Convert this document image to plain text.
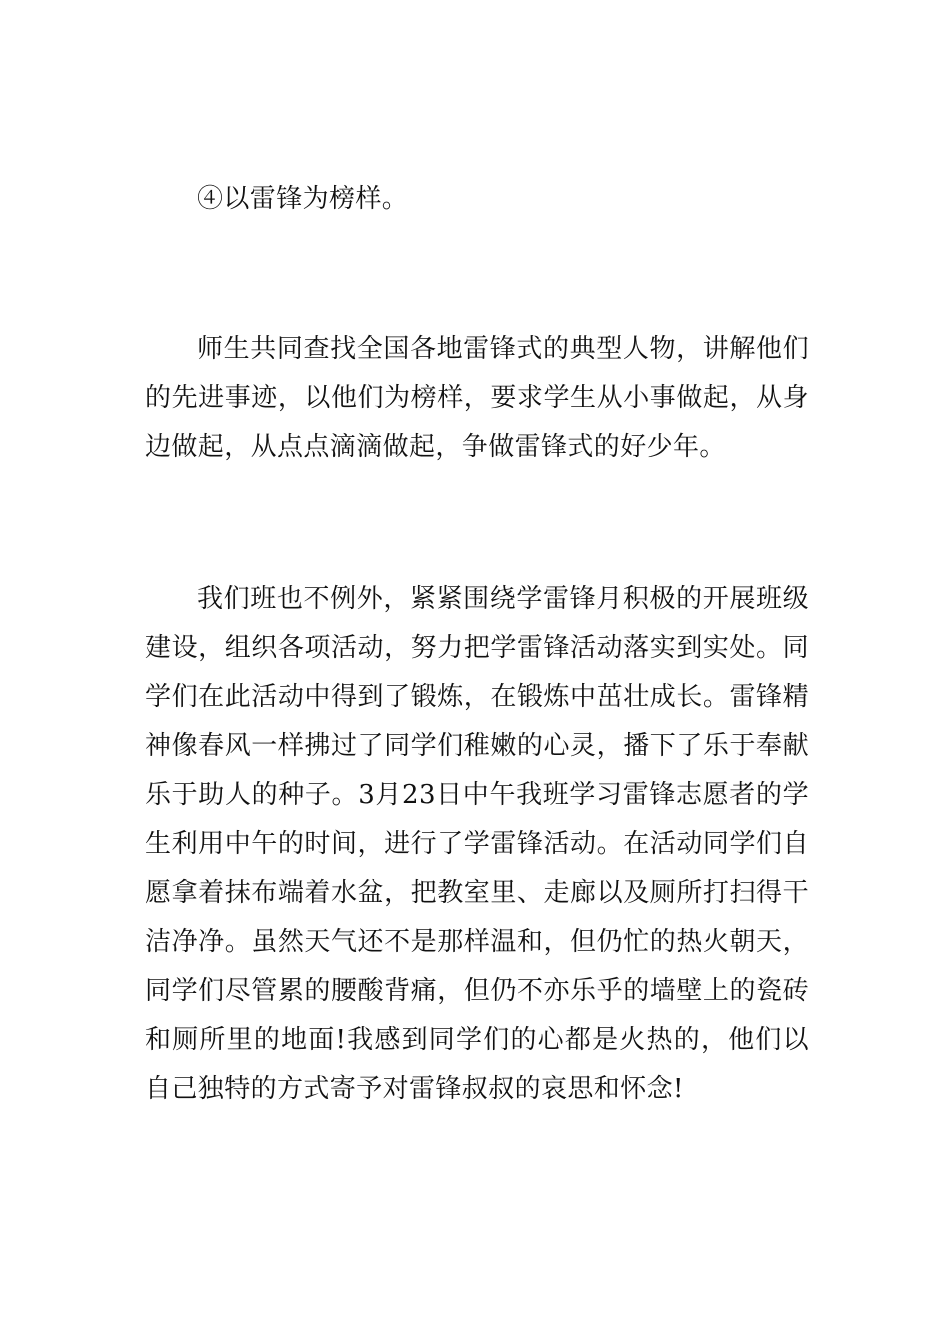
④以雷锋为榜样。

师生共同查找全国各地雷锋式的典型人物，讲解他们的先进事迹，以他们为榜样，要求学生从小事做起，从身边做起，从点点滴滴做起，争做雷锋式的好少年。

我们班也不例外，紧紧围绕学雷锋月积极的开展班级建设，组织各项活动，努力把学雷锋活动落实到实处。同学们在此活动中得到了锻炼，在锻炼中茁壮成长。雷锋精神像春风一样拂过了同学们稚嫩的心灵，播下了乐于奉献乐于助人的种子。3月23日中午我班学习雷锋志愿者的学生利用中午的时间，进行了学雷锋活动。在活动同学们自愿拿着抹布端着水盆，把教室里、走廊以及厕所打扫得干洁净净。虽然天气还不是那样温和，但仍忙的热火朝天，同学们尽管累的腰酸背痛，但仍不亦乐乎的墙壁上的瓷砖和厕所里的地面!我感到同学们的心都是火热的，他们以自己独特的方式寄予对雷锋叔叔的哀思和怀念!
